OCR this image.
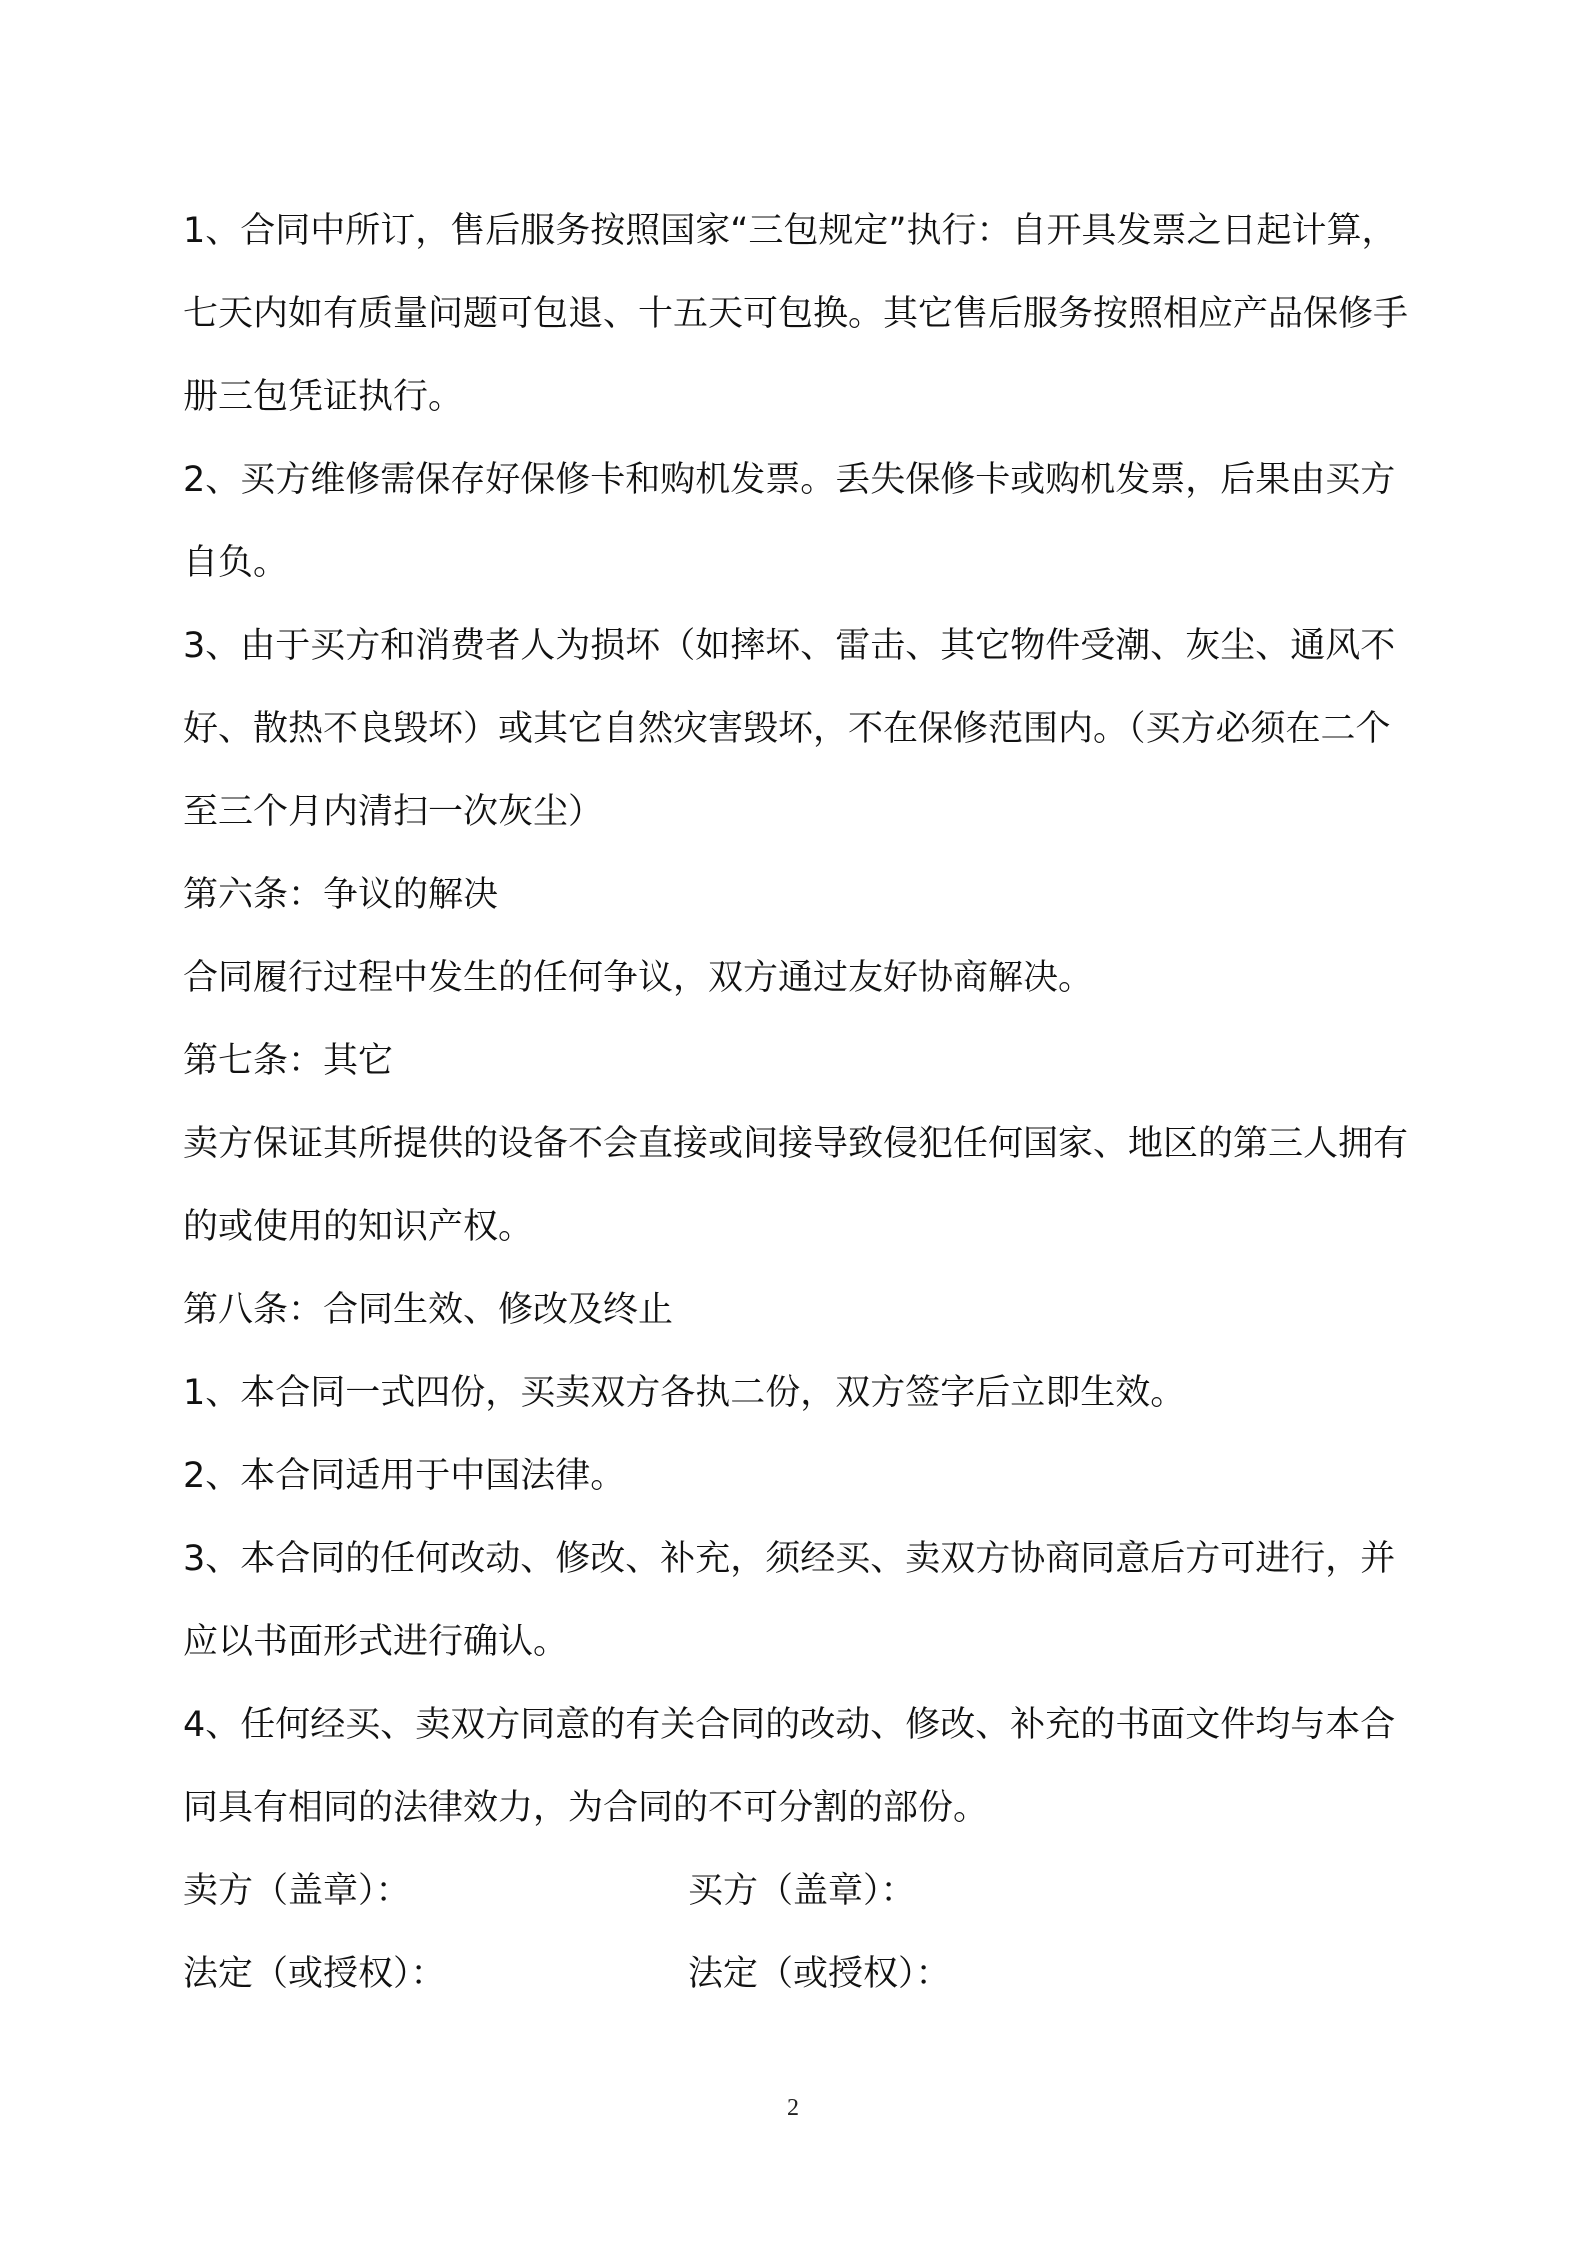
1、合同中所订，售后服务按照国家“三包规定”执行：自开具发票之日起计算，七天内如有质量问题可包退、十五天可包换。其它售后服务按照相应产品保修手册三包凭证执行。

2、买方维修需保存好保修卡和购机发票。丢失保修卡或购机发票，后果由买方自负。

3、由于买方和消费者人为损坏（如摔坏、雷击、其它物件受潮、灰尘、通风不好、散热不良毁坏）或其它自然灾害毁坏，不在保修范围内。（买方必须在二个至三个月内清扫一次灰尘）

第六条：争议的解决

合同履行过程中发生的任何争议，双方通过友好协商解决。

第七条：其它

卖方保证其所提供的设备不会直接或间接导致侵犯任何国家、地区的第三人拥有的或使用的知识产权。

第八条：合同生效、修改及终止

1、本合同一式四份，买卖双方各执二份，双方签字后立即生效。

2、本合同适用于中国法律。

3、本合同的任何改动、修改、补充，须经买、卖双方协商同意后方可进行，并应以书面形式进行确认。

4、任何经买、卖双方同意的有关合同的改动、修改、补充的书面文件均与本合同具有相同的法律效力，为合同的不可分割的部份。

卖方（盖章）：	买方（盖章）：
法定（或授权）：	法定（或授权）：
2
